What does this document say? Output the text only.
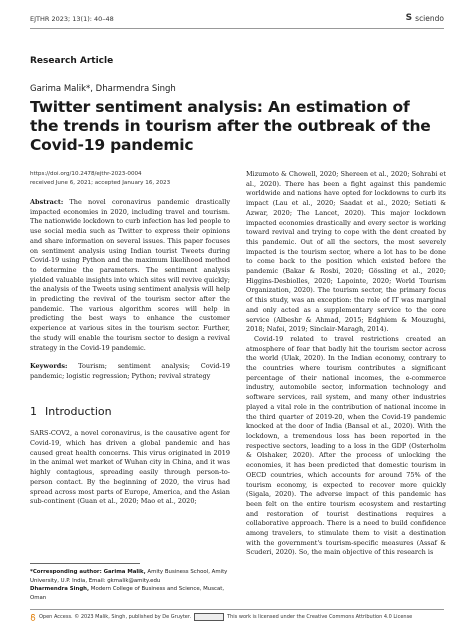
EJTHR 2023; 13(1): 40–48	S sciendo
Research Article
Garima Malik*, Dharmendra Singh
Twitter sentiment analysis: An estimation of
the trends in tourism after the outbreak of the
Covid-19 pandemic
https://doi.org/10.2478/ejthr-2023-0004
received June 6, 2021; accepted January 16, 2023

Abstract: The novel coronavirus pandemic drastically impacted economies in 2020, including travel and tourism. The nationwide lockdown to curb infection has led people to use social media such as Twitter to express their opinions and share information on several issues. This paper focuses on sentiment analysis using Indian tourist Tweets during Covid-19 using Python and the maximum likelihood method to determine the parameters. The sentiment analysis yielded valuable insights into which sites will revive quickly; the analysis of the Tweets using sentiment analysis will help in predicting the revival of the tourism sector after the pandemic. The various algorithm scores will help in predicting the best ways to enhance the customer experience at various sites in the tourism sector. Further, the study will enable the tourism sector to design a revival strategy in the Covid-19 pandemic.

Keywords: Tourism; sentiment analysis; Covid-19 pandemic; logistic regression; Python; revival strategy

1 Introduction

SARS-COV2, a novel coronavirus, is the causative agent for Covid-19, which has driven a global pandemic and has caused great health concerns. This virus originated in 2019 in the animal wet market of Wuhan city in China, and it was highly contagious, spreading easily through person-to-person contact. By the beginning of 2020, the virus had spread across most parts of Europe, America, and the Asian sub-continent (Guan et al., 2020; Mao et al., 2020;

Mizumoto & Chowell, 2020; Shereen et al., 2020; Sohrabi et al., 2020). There has been a fight against this pandemic worldwide and nations have opted for lockdowns to curb its impact (Lau et al., 2020; Saadat et al., 2020; Setiati & Azwar, 2020; The Lancet, 2020). This major lockdown impacted economies drastically and every sector is working toward revival and trying to cope with the dent created by this pandemic. Out of all the sectors, the most severely impacted is the tourism sector, where a lot has to be done to come back to the position which existed before the pandemic (Bakar & Rosbi, 2020; Gössling et al., 2020; Higgins-Desbiolles, 2020; Lapointe, 2020; World Tourism Organization, 2020). The tourism sector, the primary focus of this study, was an exception: the role of IT was marginal and only acted as a supplementary service to the core service (Albeshr & Ahmad, 2015; Edghiem & Mouzughi, 2018; Nafei, 2019; Sinclair-Maragh, 2014).

Covid-19 related to travel restrictions created an atmosphere of fear that badly hit the tourism sector across the world (Ulak, 2020). In the Indian economy, contrary to the countries where tourism contributes a significant percentage of their national incomes, the e-commerce industry, automobile sector, information technology and software services, rail system, and many other industries played a vital role in the contribution of national income in the third quarter of 2019-20, when the Covid-19 pandemic knocked at the door of India (Bansal et al., 2020). With the lockdown, a tremendous loss has been reported in the respective sectors, leading to a loss in the GDP (Osterholm & Olshaker, 2020). After the process of unlocking the economies, it has been predicted that domestic tourism in OECD countries, which accounts for around 75% of the tourism economy, is expected to recover more quickly (Sigala, 2020). The adverse impact of this pandemic has been felt on the entire tourism ecosystem and restarting and restoration of tourist destinations requires a collaborative approach. There is a need to build confidence among travelers, to stimulate them to visit a destination with the government's tourism-specific measures (Assaf & Scuderi, 2020). So, the main objective of this research is

*Corresponding author: Garima Malik, Amity Business School, Amity University, U.P. India, Email: gkmalik@amity.edu
Dharmendra Singh, Modern College of Business and Science, Muscat, Oman
Open Access. © 2023 Malik, Singh, published by De Gruyter.	This work is licensed under the Creative Commons Attribution 4.0 License
